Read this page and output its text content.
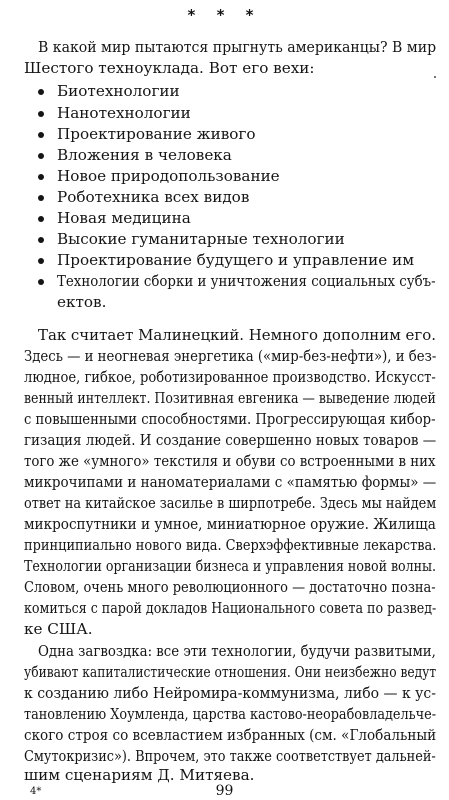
* * *
В какой мир пытаются прыгнуть американцы? В мир
Шестого техноуклада. Вот его вехи:
Биотехнологии
Нанотехнологии
Проектирование живого
Вложения в человека
Новое природопользование
Роботехника всех видов
Новая медицина
Высокие гуманитарные технологии
Проектирование будущего и управление им
Технологии сборки и уничтожения социальных субъ-
ектов.
Так считает Малинецкий. Немного дополним его.
Здесь — и неогневая энергетика («мир-без-нефти»), и без-
людное, гибкое, роботизированное производство. Искусст-
венный интеллект. Позитивная евгеника — выведение людей
с повышенными способностями. Прогрессирующая кибор-
гизация людей. И создание совершенно новых товаров —
того же «умного» текстиля и обуви со встроенными в них
микрочипами и наноматериалами с «памятью формы» —
ответ на китайское засилье в ширпотребе. Здесь мы найдем
микроспутники и умное, миниатюрное оружие. Жилища
принципиально нового вида. Сверхэффективные лекарства.
Технологии организации бизнеса и управления новой волны.
Словом, очень много революционного — достаточно позна-
комиться с парой докладов Национального совета по развед-
ке США.
Одна загвоздка: все эти технологии, будучи развитыми,
убивают капиталистические отношения. Они неизбежно ведут
к созданию либо Нейромира-коммунизма, либо — к ус-
тановлению Хоумленда, царства кастово-неорабовладельче-
ского строя со всевластием избранных (см. «Глобальный
Смутокризис»). Впрочем, это также соответствует дальней-
шим сценариям Д. Митяева.
4*	99
